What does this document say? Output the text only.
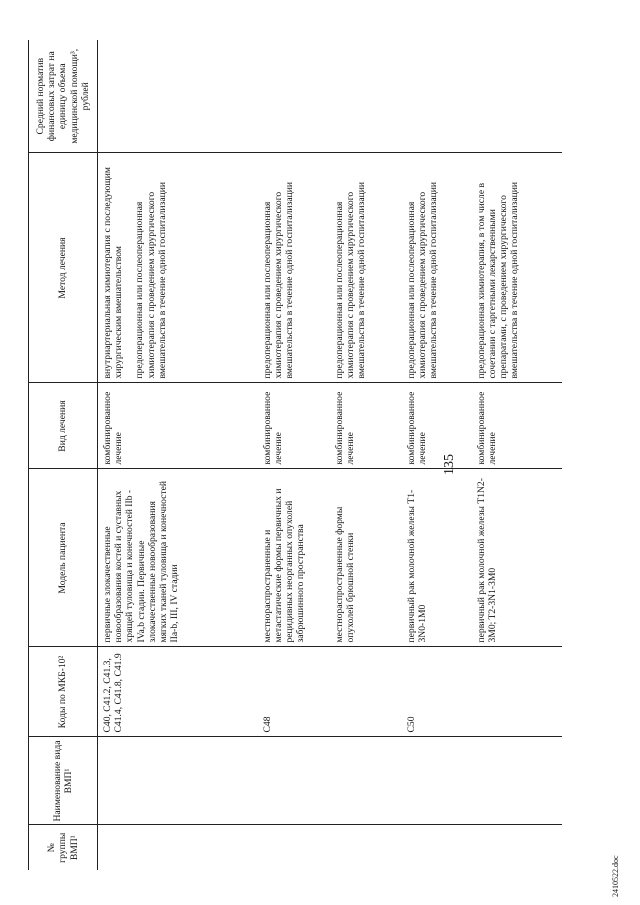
135
№ группы ВМП¹	Наименование вида ВМП¹	Коды по МКБ-10²	Модель пациента	Вид лечения	Метод лечения	Средний норматив финансовых затрат на единицу объема медицинской помощи³, рублей
		C40, C41.2, C41.3, C41.4, C41.8, C41.9	первичные злокачественные новообразования костей и суставных хрящей туловища и конечностей IIb - IVa,b стадии. Первичные злокачественные новообразования мягких тканей туловища и конечностей IIa-b, III, IV стадии	комбинированное лечение	внутриартериальная химиотерапия с последующим хирургическим вмешательством предоперационная или послеоперационная химиотерапия с проведением хирургического вмешательства в течение одной госпитализации	

		C48	местнораспространенные и метастатические формы первичных и рецидивных неорганных опухолей забрюшинного пространства	комбинированное лечение	предоперационная или послеоперационная химиотерапия с проведением хирургического вмешательства в течение одной госпитализации	
			местнораспространенные формы опухолей брюшной стенки	комбинированное лечение	предоперационная или послеоперационная химиотерапия с проведением хирургического вмешательства в течение одной госпитализации	
		C50	первичный рак молочной железы T1-3N0-1M0	комбинированное лечение	предоперационная или послеоперационная химиотерапия с проведением хирургического вмешательства в течение одной госпитализации	
			первичный рак молочной железы T1N2-3M0; T2-3N1-3M0	комбинированное лечение	предоперационная химиотерапия, в том числе в сочетании с таргетными лекарственными препаратами, с проведением хирургического вмешательства в течение одной госпитализации	
2410522.doc
